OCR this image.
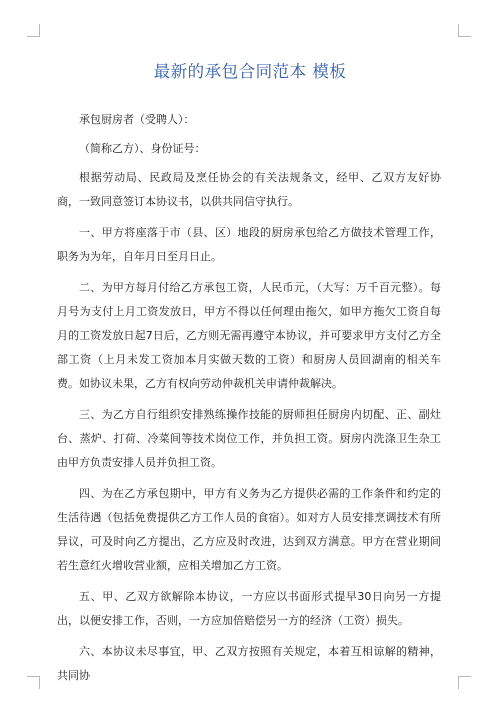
最新的承包合同范本 模板

承包厨房者（受聘人）：

（简称乙方）、身份证号：

根据劳动局、民政局及烹任协会的有关法规条文，经甲、乙双方友好协商，一致同意签订本协议书，以供共同信守执行。

一、甲方将座落于市（县、区）地段的厨房承包给乙方做技术管理工作，职务为为年，自年月日至月日止。

二、为甲方每月付给乙方承包工资，人民币元，（大写：万千百元整）。每月号为支付上月工资发放日，甲方不得以任何理由拖欠，如甲方拖欠工资自每月的工资发放日起7日后，乙方则无需再遵守本协议，并可要求甲方支付乙方全部工资（上月未发工资加本月实做天数的工资）和厨房人员回湖南的相关车费。如协议未果，乙方有权向劳动仲裁机关申请仲裁解决。

三、为乙方自行组织安排熟练操作技能的厨师担任厨房内切配、正、副灶台、蒸炉、打荷、冷菜间等技术岗位工作，并负担工资。厨房内洗涤卫生杂工由甲方负责安排人员并负担工资。

四、为在乙方承包期中，甲方有义务为乙方提供必需的工作条件和约定的生活待遇（包括免费提供乙方工作人员的食宿）。如对方人员安排烹调技术有所异议，可及时向乙方提出，乙方应及时改进，达到双方满意。甲方在营业期间若生意红火增收营业额，应相关增加乙方工资。

五、甲、乙双方欲解除本协议，一方应以书面形式提早30日向另一方提出，以便安排工作，否则，一方应加倍赔偿另一方的经济（工资）损失。

六、本协议未尽事宜，甲、乙双方按照有关规定，本着互相谅解的精神，共同协
